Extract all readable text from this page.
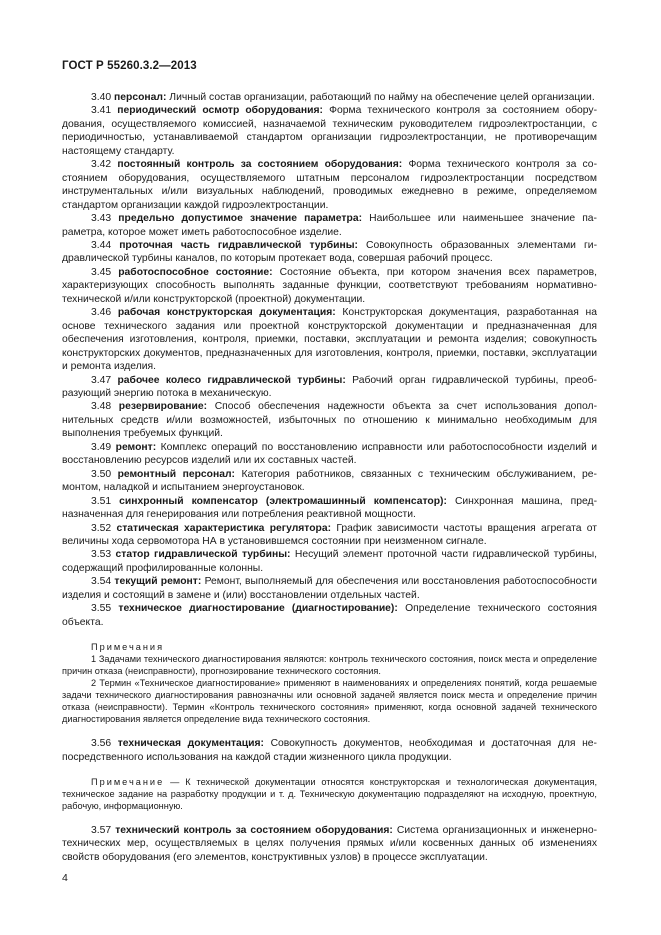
ГОСТ Р 55260.3.2—2013

3.40 персонал: Личный состав организации, работающий по найму на обеспечение целей организации.

3.41 периодический осмотр оборудования: Форма технического контроля за состоянием оборудования, осуществляемого комиссией, назначаемой техническим руководителем гидроэлектростанции, с периодичностью, устанавливаемой стандартом организации гидроэлектростанции, не противоречащим настоящему стандарту.

3.42 постоянный контроль за состоянием оборудования: Форма технического контроля за состоянием оборудования, осуществляемого штатным персоналом гидроэлектростанции посредством инструментальных и/или визуальных наблюдений, проводимых ежедневно в режиме, определяемом стандартом организации каждой гидроэлектростанции.

3.43 предельно допустимое значение параметра: Наибольшее или наименьшее значение параметра, которое может иметь работоспособное изделие.

3.44 проточная часть гидравлической турбины: Совокупность образованных элементами гидравлической турбины каналов, по которым протекает вода, совершая рабочий процесс.

3.45 работоспособное состояние: Состояние объекта, при котором значения всех параметров, характеризующих способность выполнять заданные функции, соответствуют требованиям нормативно-технической и/или конструкторской (проектной) документации.

3.46 рабочая конструкторская документация: Конструкторская документация, разработанная на основе технического задания или проектной конструкторской документации и предназначенная для обеспечения изготовления, контроля, приемки, поставки, эксплуатации и ремонта изделия; совокупность конструкторских документов, предназначенных для изготовления, контроля, приемки, поставки, эксплуатации и ремонта изделия.

3.47 рабочее колесо гидравлической турбины: Рабочий орган гидравлической турбины, преобразующий энергию потока в механическую.

3.48 резервирование: Способ обеспечения надежности объекта за счет использования дополнительных средств и/или возможностей, избыточных по отношению к минимально необходимым для выполнения требуемых функций.

3.49 ремонт: Комплекс операций по восстановлению исправности или работоспособности изделий и восстановлению ресурсов изделий или их составных частей.

3.50 ремонтный персонал: Категория работников, связанных с техническим обслуживанием, ремонтом, наладкой и испытанием энергоустановок.

3.51 синхронный компенсатор (электромашинный компенсатор): Синхронная машина, предназначенная для генерирования или потребления реактивной мощности.

3.52 статическая характеристика регулятора: График зависимости частоты вращения агрегата от величины хода сервомотора НА в установившемся состоянии при неизменном сигнале.

3.53 статор гидравлической турбины: Несущий элемент проточной части гидравлической турбины, содержащий профилированные колонны.

3.54 текущий ремонт: Ремонт, выполняемый для обеспечения или восстановления работоспособности изделия и состоящий в замене и (или) восстановлении отдельных частей.

3.55 техническое диагностирование (диагностирование): Определение технического состояния объекта.

Примечания

1 Задачами технического диагностирования являются: контроль технического состояния, поиск места и определение причин отказа (неисправности), прогнозирование технического состояния.

2 Термин «Техническое диагностирование» применяют в наименованиях и определениях понятий, когда решаемые задачи технического диагностирования равнозначны или основной задачей является поиск места и определение причин отказа (неисправности). Термин «Контроль технического состояния» применяют, когда основной задачей технического диагностирования является определение вида технического состояния.

3.56 техническая документация: Совокупность документов, необходимая и достаточная для непосредственного использования на каждой стадии жизненного цикла продукции.

Примечание — К технической документации относятся конструкторская и технологическая документация, техническое задание на разработку продукции и т. д. Техническую документацию подразделяют на исходную, проектную, рабочую, информационную.

3.57 технический контроль за состоянием оборудования: Система организационных и инженерно-технических мер, осуществляемых в целях получения прямых и/или косвенных данных об изменениях свойств оборудования (его элементов, конструктивных узлов) в процессе эксплуатации.

4
